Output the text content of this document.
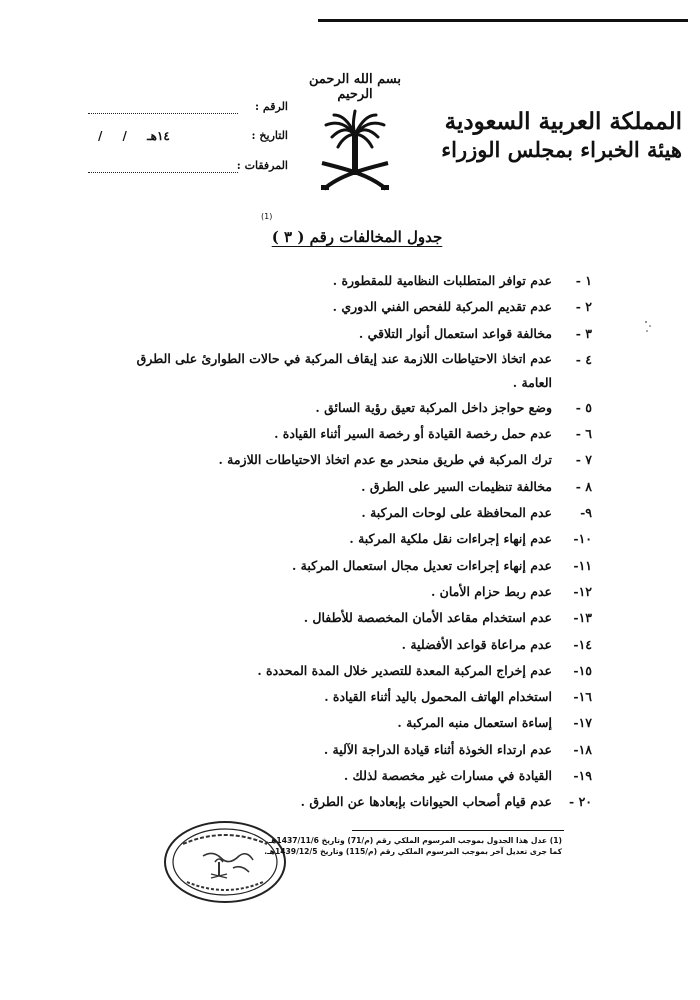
بسم الله الرحمن الرحيم
المملكة العربية السعودية
هيئة الخبراء بمجلس الوزراء
الرقم :
التاريخ :
/ / ١٤هـ
المرفقات :
(1)
جدول المخالفات رقم ( ٣ )
١ -
عدم توافر المتطلبات النظامية للمقطورة .
٢ -
عدم تقديم المركبة للفحص الفني الدوري .
٣ -
مخالفة قواعد استعمال أنوار التلاقي .
٤ -
عدم اتخاذ الاحتياطات اللازمة عند إيقاف المركبة في حالات الطوارئ على الطرق العامة .
٥ -
وضع حواجز داخل المركبة تعيق رؤية السائق .
٦ -
عدم حمل رخصة القيادة أو رخصة السير أثناء القيادة .
٧ -
ترك المركبة في طريق منحدر مع عدم اتخاذ الاحتياطات اللازمة .
٨ -
مخالفة تنظيمات السير على الطرق .
٩-
عدم المحافظة على لوحات المركبة .
١٠-
عدم إنهاء إجراءات نقل ملكية المركبة .
١١-
عدم إنهاء إجراءات تعديل مجال استعمال المركبة .
١٢-
عدم ربط حزام الأمان .
١٣-
عدم استخدام مقاعد الأمان المخصصة للأطفال .
١٤-
عدم مراعاة قواعد الأفضلية .
١٥-
عدم إخراج المركبة المعدة للتصدير خلال المدة المحددة .
١٦-
استخدام الهاتف المحمول باليد أثناء القيادة .
١٧-
إساءة استعمال منبه المركبة .
١٨-
عدم ارتداء الخوذة أثناء قيادة الدراجة الآلية .
١٩-
القيادة في مسارات غير مخصصة لذلك .
٢٠ -
عدم قيام أصحاب الحيوانات بإبعادها عن الطرق .
(1) عدل هذا الجدول بموجب المرسوم الملكي رقم (م/71) وتاريخ 1437/11/6هـ.
كما جرى تعديل آخر بموجب المرسوم الملكي رقم (م/115) وتاريخ 1439/12/5هـ.
